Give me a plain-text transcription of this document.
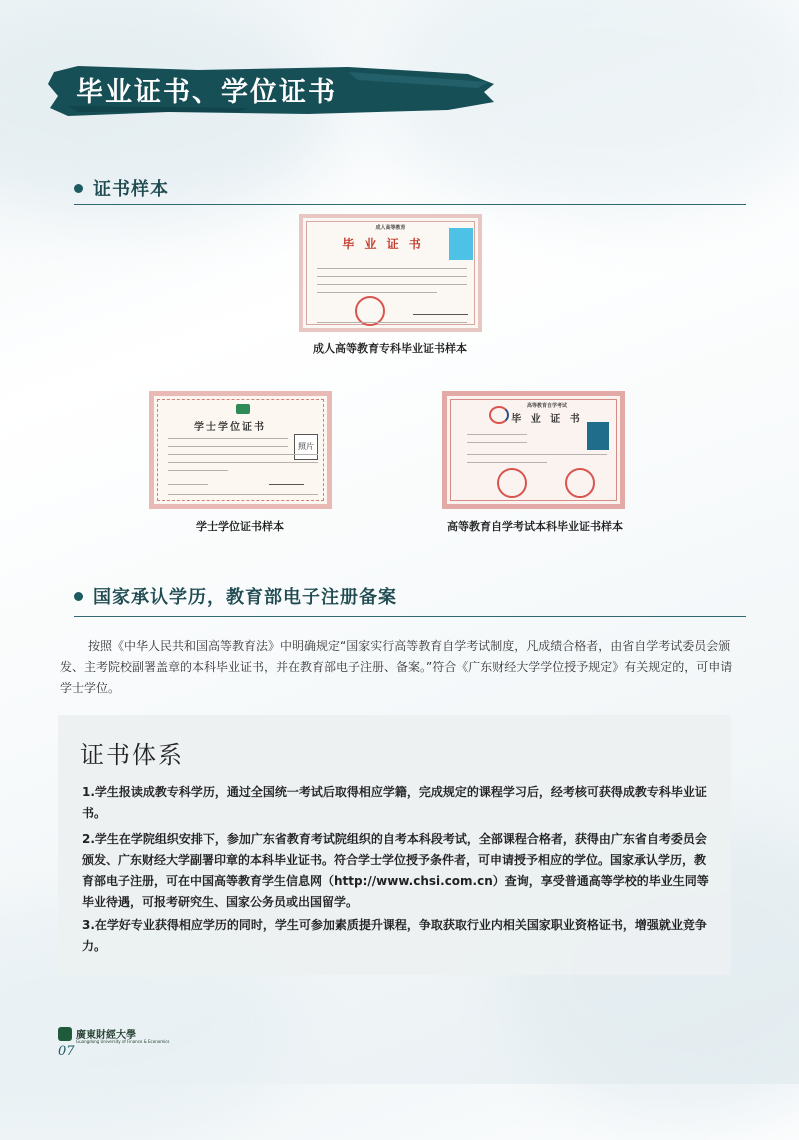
毕业证书、学位证书
证书样本
成人高等教育
毕 业 证 书
成人高等教育专科毕业证书样本
学士学位证书
照片
学士学位证书样本
高等教育自学考试
毕 业 证 书
高等教育自学考试本科毕业证书样本
国家承认学历，教育部电子注册备案

按照《中华人民共和国高等教育法》中明确规定“国家实行高等教育自学考试制度，凡成绩合格者，由省自学考试委员会颁发、主考院校副署盖章的本科毕业证书，并在教育部电子注册、备案。”符合《广东财经大学学位授予规定》有关规定的，可申请学士学位。

证书体系

1.学生报读成教专科学历，通过全国统一考试后取得相应学籍，完成规定的课程学习后，经考核可获得成教专科毕业证书。

2.学生在学院组织安排下，参加广东省教育考试院组织的自考本科段考试，全部课程合格者，获得由广东省自考委员会颁发、广东财经大学副署印章的本科毕业证书。符合学士学位授予条件者，可申请授予相应的学位。国家承认学历，教育部电子注册，可在中国高等教育学生信息网（http://www.chsi.com.cn）查询，享受普通高等学校的毕业生同等毕业待遇，可报考研究生、国家公务员或出国留学。

3.在学好专业获得相应学历的同时，学生可参加素质提升课程，争取获取行业内相关国家职业资格证书，增强就业竞争力。

廣東財經大學
Guangdong University of Finance & Economics
07
